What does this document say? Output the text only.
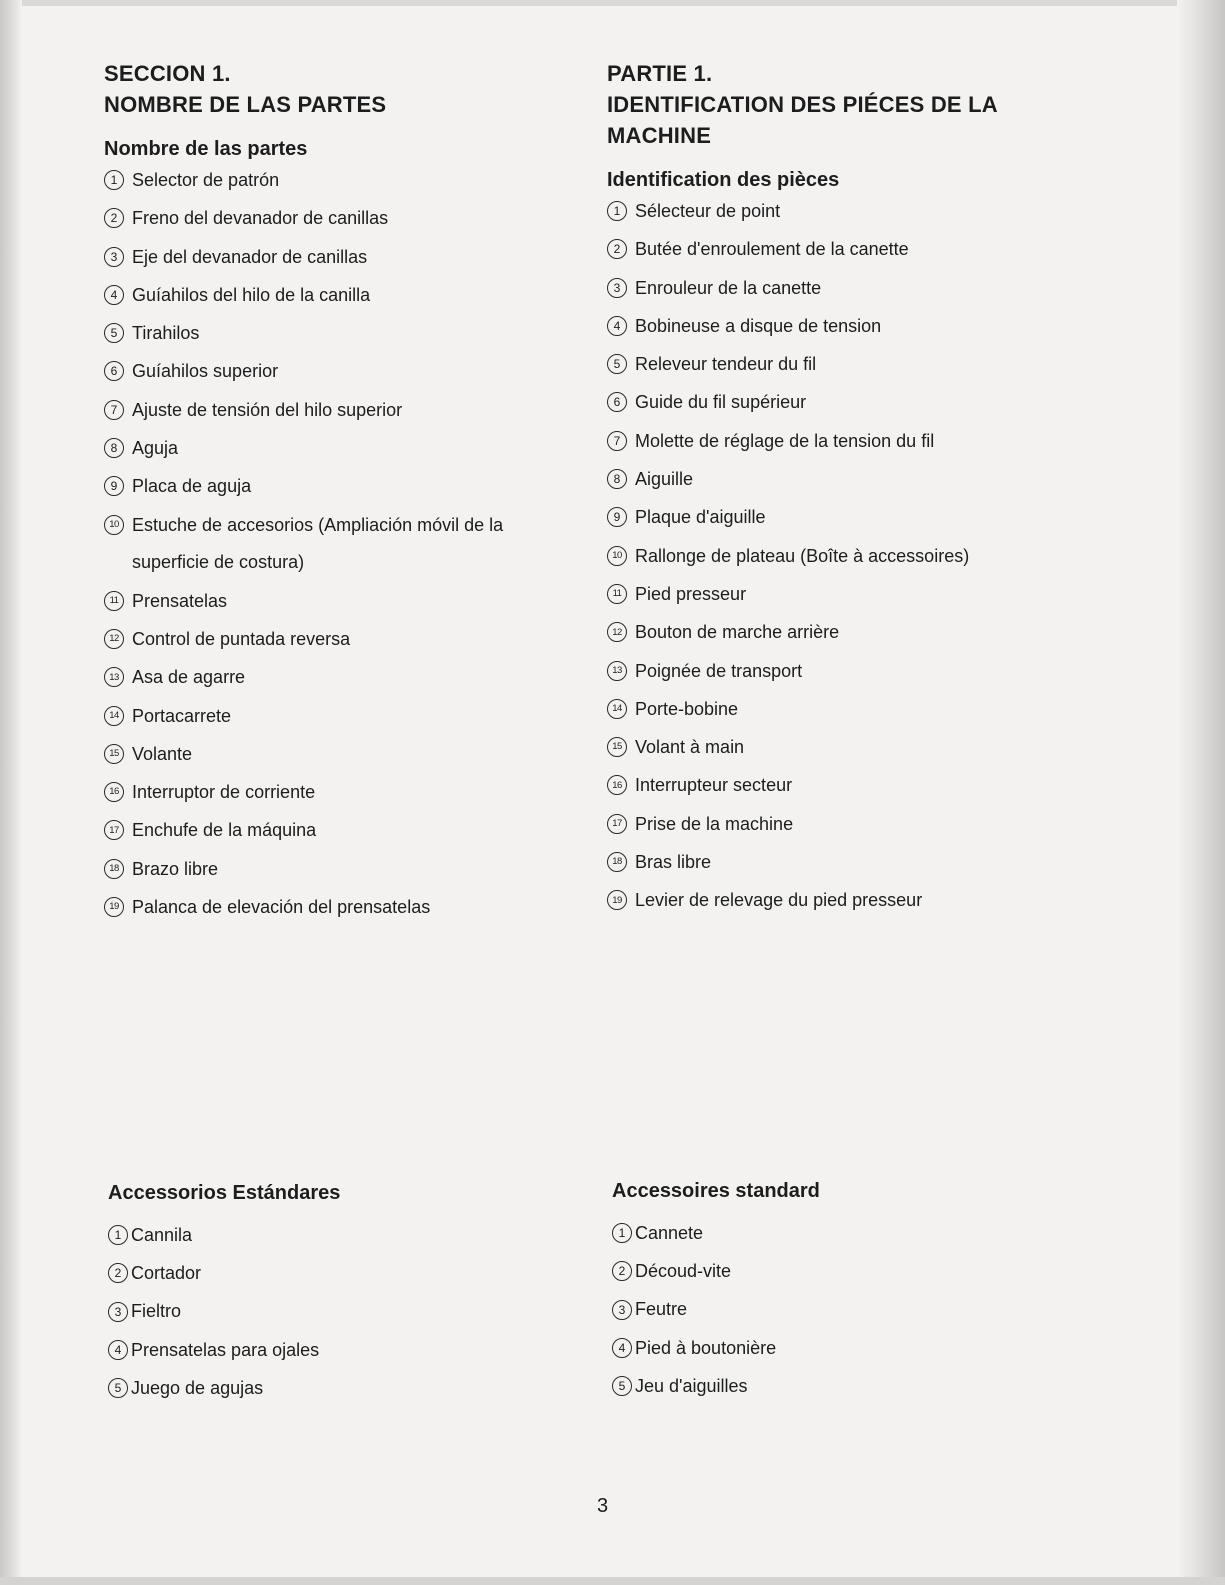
SECCION 1.
NOMBRE DE LAS PARTES
Nombre de las partes
1 Selector de patrón
2 Freno del devanador de canillas
3 Eje del devanador de canillas
4 Guíahilos del hilo de la canilla
5 Tirahilos
6 Guíahilos superior
7 Ajuste de tensión del hilo superior
8 Aguja
9 Placa de aguja
10 Estuche de accesorios (Ampliación móvil de la
superficie de costura)
11 Prensatelas
12 Control de puntada reversa
13 Asa de agarre
14 Portacarrete
15 Volante
16 Interruptor de corriente
17 Enchufe de la máquina
18 Brazo libre
19 Palanca de elevación del prensatelas
PARTIE 1.
IDENTIFICATION DES PIÉCES DE LA
MACHINE
Identification des pièces
1 Sélecteur de point
2 Butée d'enroulement de la canette
3 Enrouleur de la canette
4 Bobineuse a disque de tension
5 Releveur tendeur du fil
6 Guide du fil supérieur
7 Molette de réglage de la tension du fil
8 Aiguille
9 Plaque d'aiguille
10 Rallonge de plateau (Boîte à accessoires)
11 Pied presseur
12 Bouton de marche arrière
13 Poignée de transport
14 Porte-bobine
15 Volant à main
16 Interrupteur secteur
17 Prise de la machine
18 Bras libre
19 Levier de relevage du pied presseur
Accessorios Estándares
1 Cannila
2 Cortador
3 Fieltro
4 Prensatelas para ojales
5 Juego de agujas
Accessoires standard
1 Cannete
2 Découd-vite
3 Feutre
4 Pied à boutonière
5 Jeu d'aiguilles
3
